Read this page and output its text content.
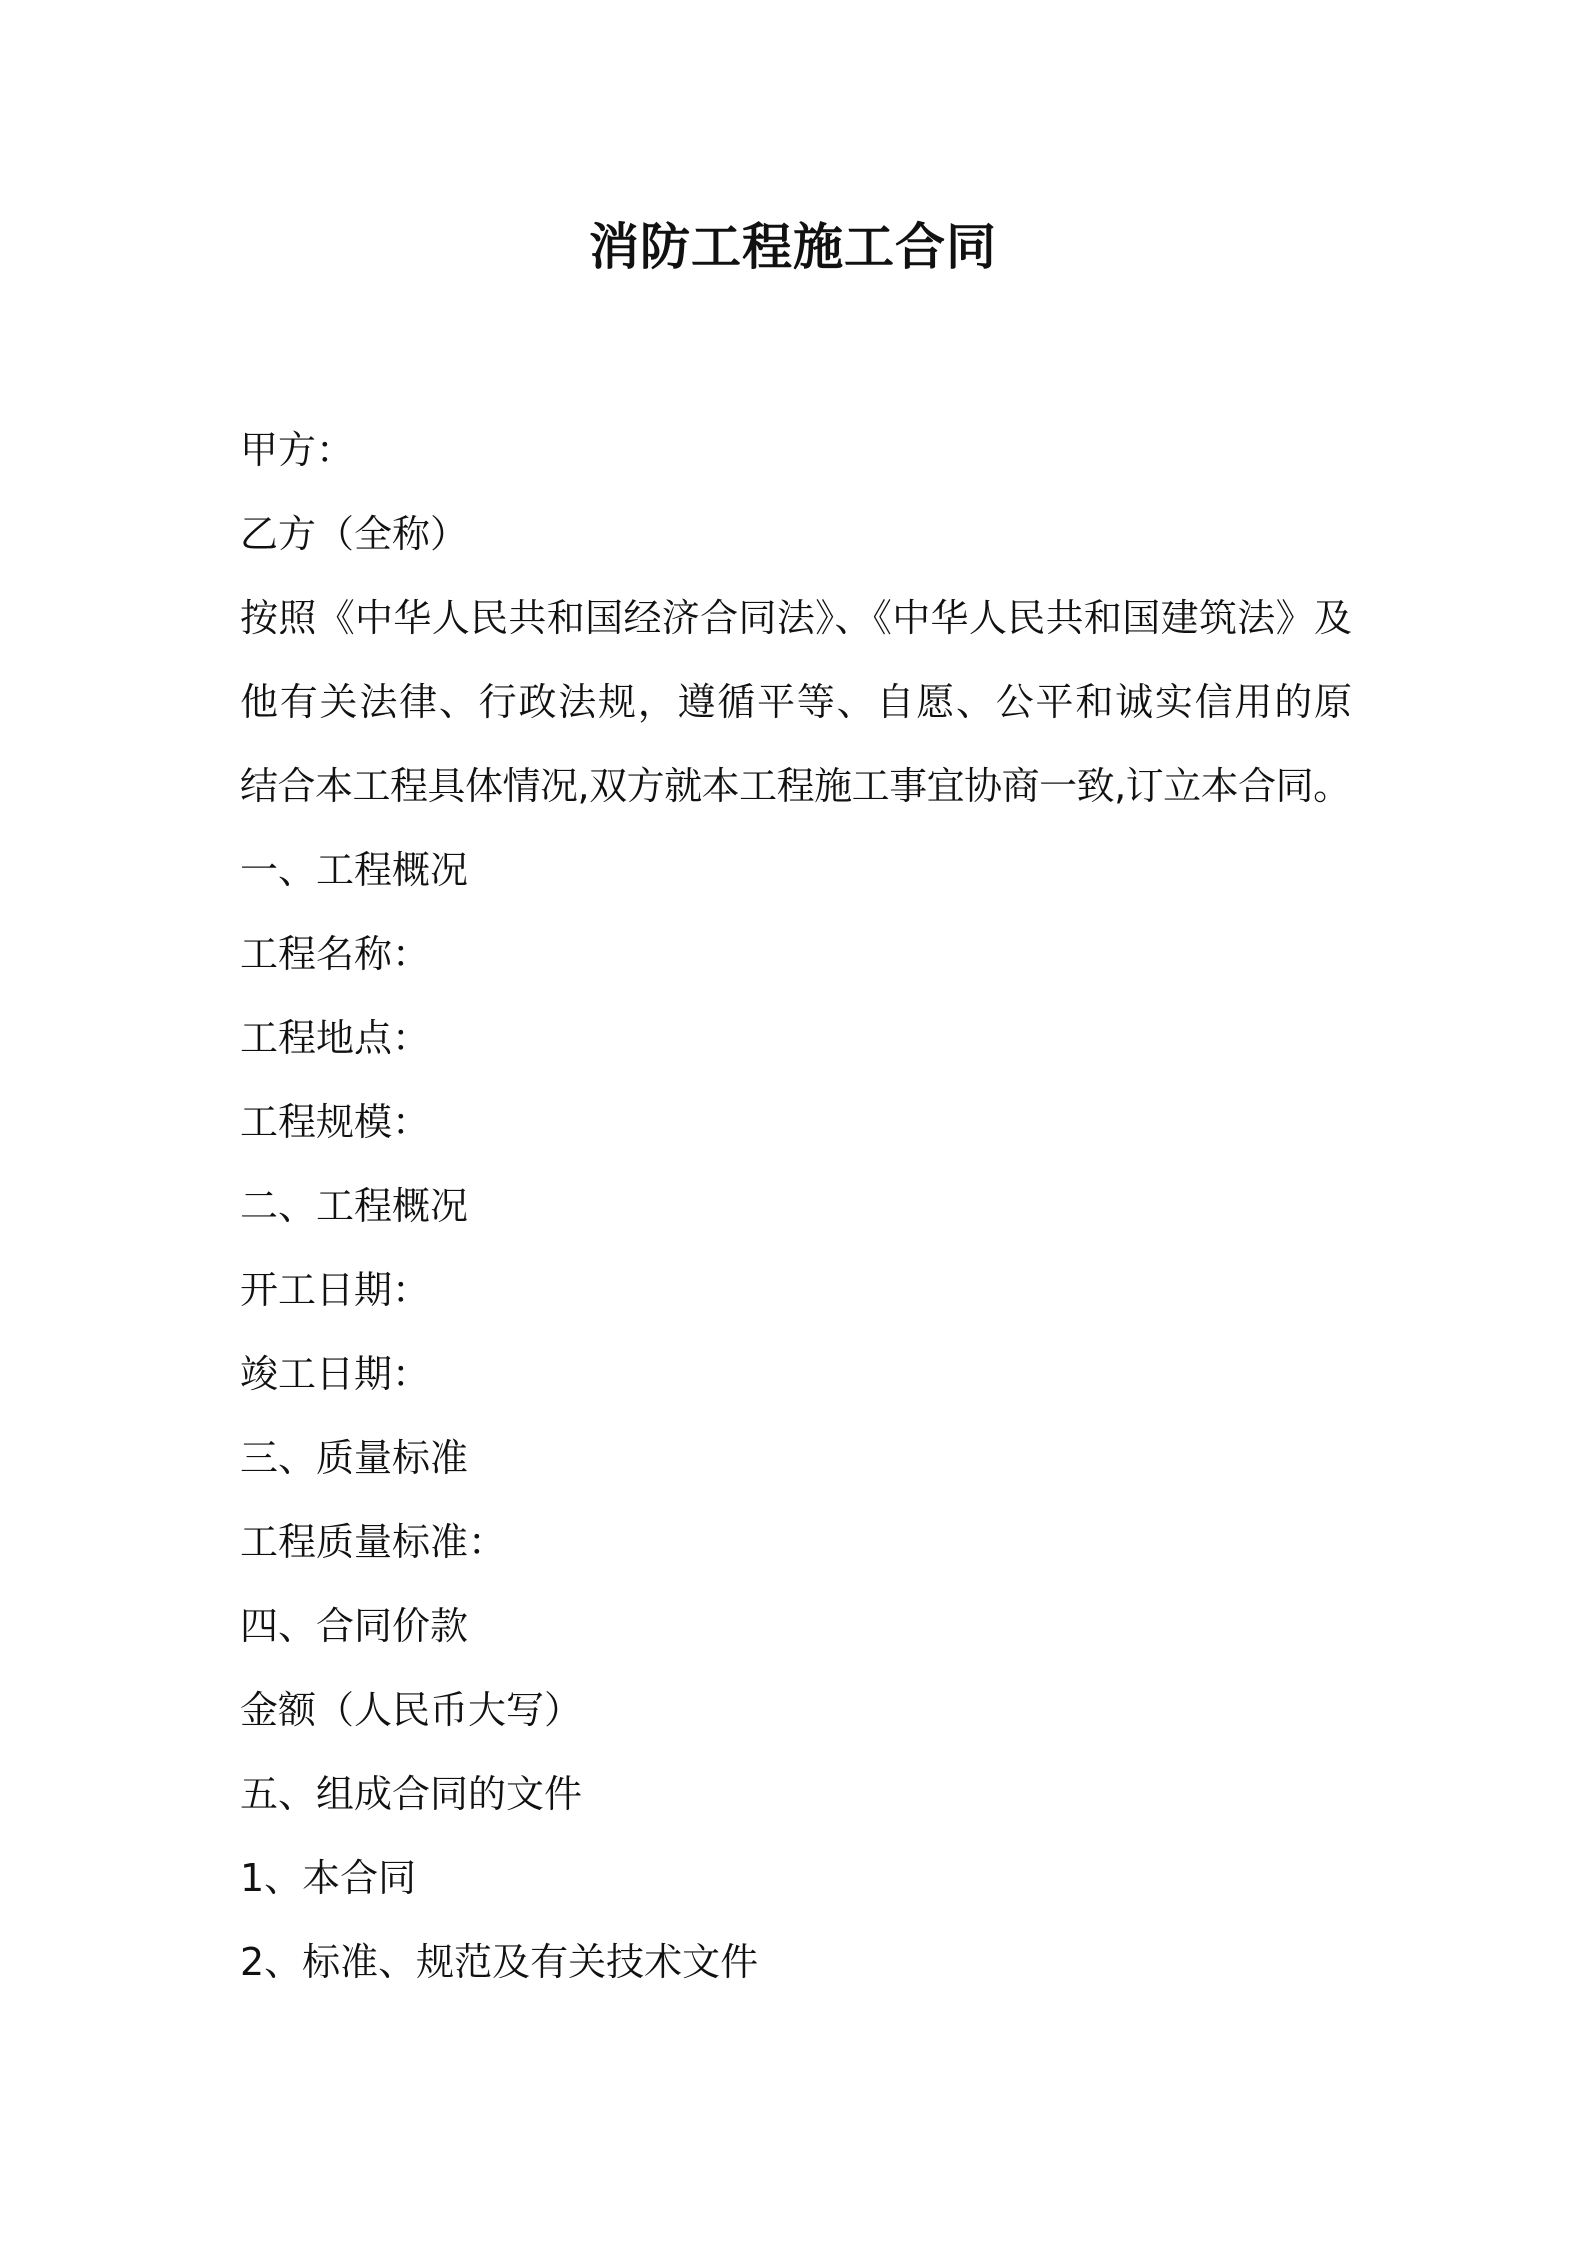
消防工程施工合同

甲方：

乙方（全称）

按照《中华人民共和国经济合同法》、《中华人民共和国建筑法》及

他有关法律、行政法规，遵循平等、自愿、公平和诚实信用的原

结合本工程具体情况,双方就本工程施工事宜协商一致,订立本合同。

一、工程概况

工程名称：

工程地点：

工程规模：

二、工程概况

开工日期：

竣工日期：

三、质量标准

工程质量标准：

四、合同价款

金额（人民币大写）

五、组成合同的文件

1、本合同

2、标准、规范及有关技术文件
